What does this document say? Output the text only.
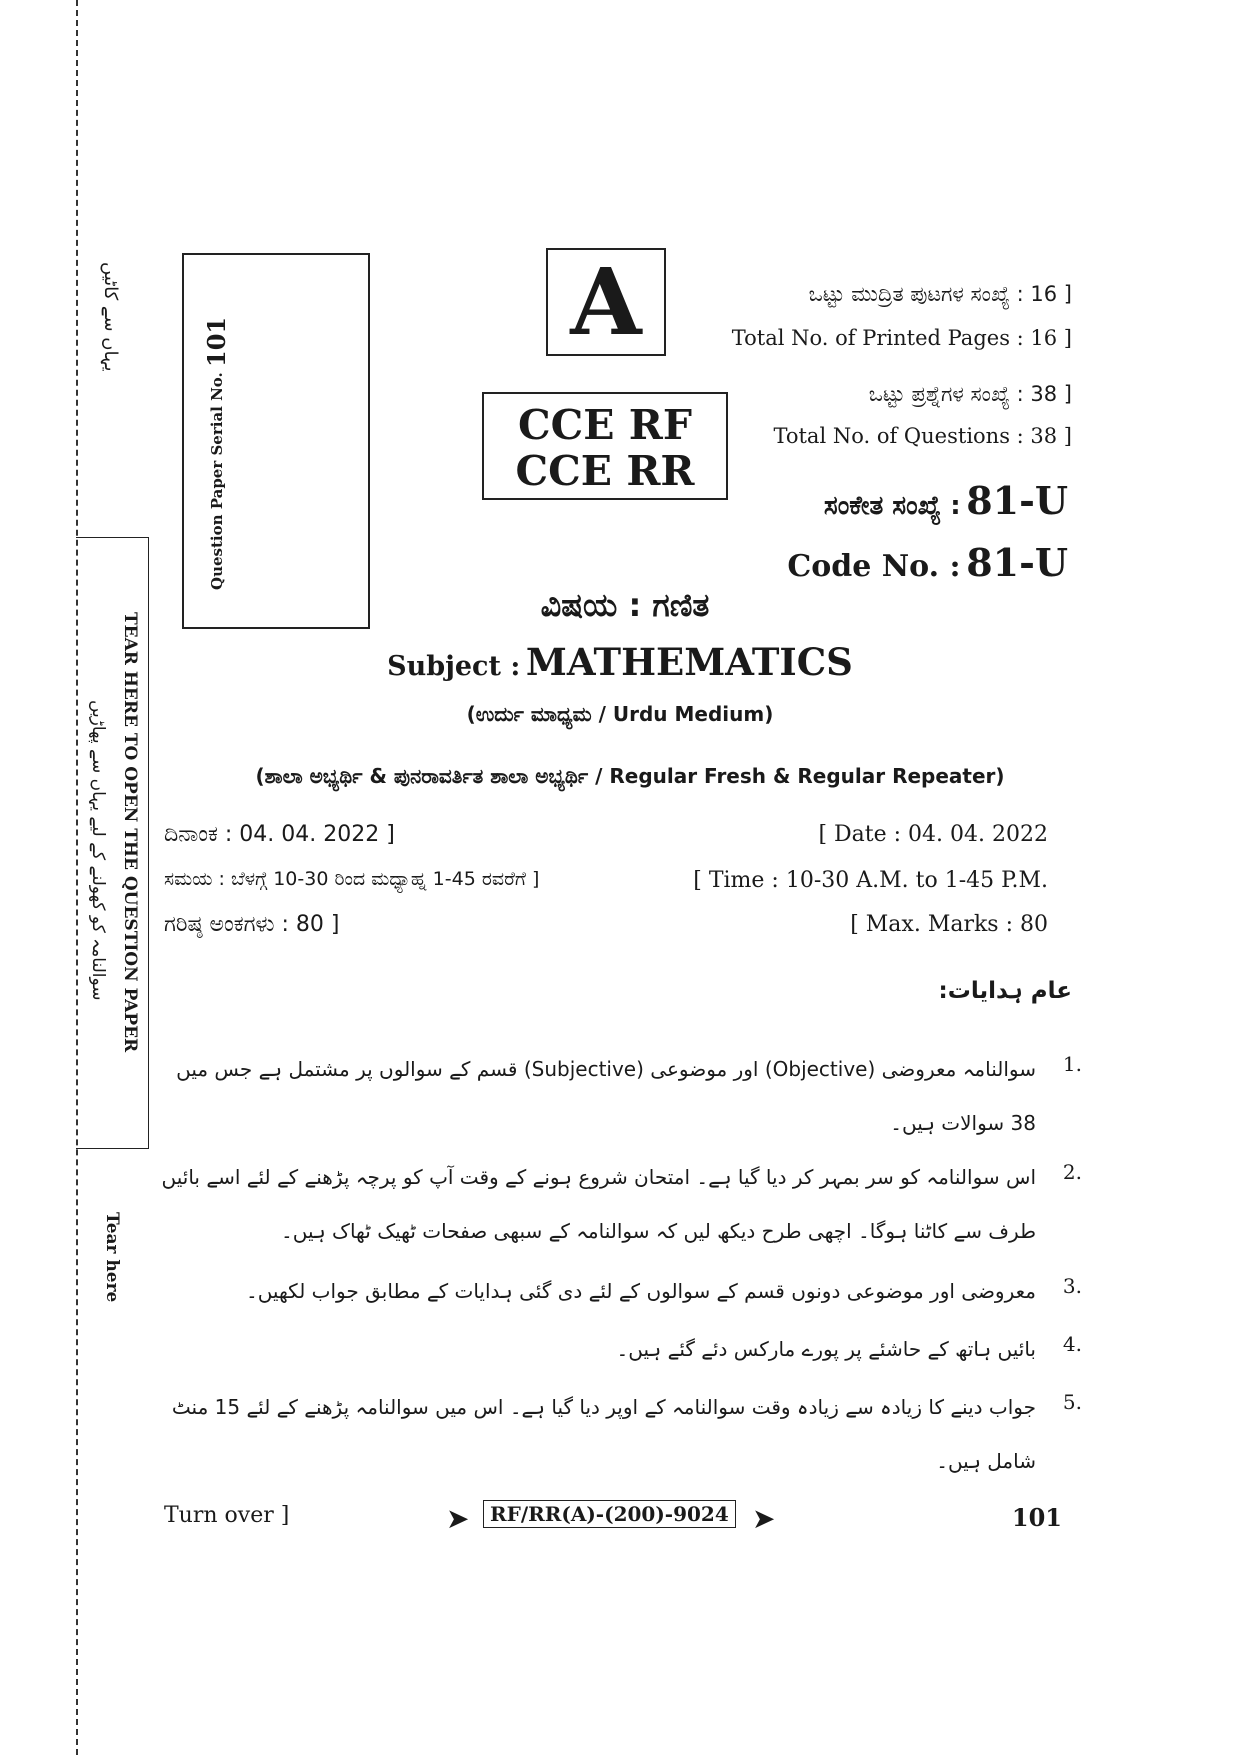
یہاں سے کاٹیں
TEAR HERE TO OPEN THE QUESTION PAPER
سوالنامہ کو کھولنے کے لیے یہاں سے پھاڑیں
Tear here
Question Paper Serial No. 101	A
CCE RF
CCE RR
ಒಟ್ಟು ಮುದ್ರಿತ ಪುಟಗಳ ಸಂಖ್ಯೆ : 16 ]
Total No. of Printed Pages : 16 ]
ಒಟ್ಟು ಪ್ರಶ್ನೆಗಳ ಸಂಖ್ಯೆ : 38 ]
Total No. of Questions : 38 ]
ಸಂಕೇತ ಸಂಖ್ಯೆ : 81-U
Code No. : 81-U
ವಿಷಯ : ಗಣಿತ
Subject : MATHEMATICS
(ಉರ್ದು ಮಾಧ್ಯಮ / Urdu Medium)
(ಶಾಲಾ ಅಭ್ಯರ್ಥಿ & ಪುನರಾವರ್ತಿತ ಶಾಲಾ ಅಭ್ಯರ್ಥಿ / Regular Fresh & Regular Repeater)
ದಿನಾಂಕ : 04. 04. 2022 ]	[ Date : 04. 04. 2022
ಸಮಯ : ಬೆಳಗ್ಗೆ 10-30 ರಿಂದ ಮಧ್ಯಾಹ್ನ 1-45 ರವರೆಗೆ ]	[ Time : 10-30 A.M. to 1-45 P.M.
ಗರಿಷ್ಠ ಅಂಕಗಳು : 80 ]	[ Max. Marks : 80
عام ہدایات:
1.
سوالنامہ معروضی (Objective) اور موضوعی (Subjective) قسم کے سوالوں پر مشتمل ہے جس میں 38 سوالات ہیں۔
2.
اس سوالنامہ کو سر بمہر کر دیا گیا ہے۔ امتحان شروع ہونے کے وقت آپ کو پرچہ پڑھنے کے لئے اسے بائیں طرف سے کاٹنا ہوگا۔ اچھی طرح دیکھ لیں کہ سوالنامہ کے سبھی صفحات ٹھیک ٹھاک ہیں۔
3.
معروضی اور موضوعی دونوں قسم کے سوالوں کے لئے دی گئی ہدایات کے مطابق جواب لکھیں۔
4.
بائیں ہاتھ کے حاشئے پر پورے مارکس دئے گئے ہیں۔
5.
جواب دینے کا زیادہ سے زیادہ وقت سوالنامہ کے اوپر دیا گیا ہے۔ اس میں سوالنامہ پڑھنے کے لئے 15 منٹ شامل ہیں۔
Turn over ]	➤	RF/RR(A)-(200)-9024 ➤	101
